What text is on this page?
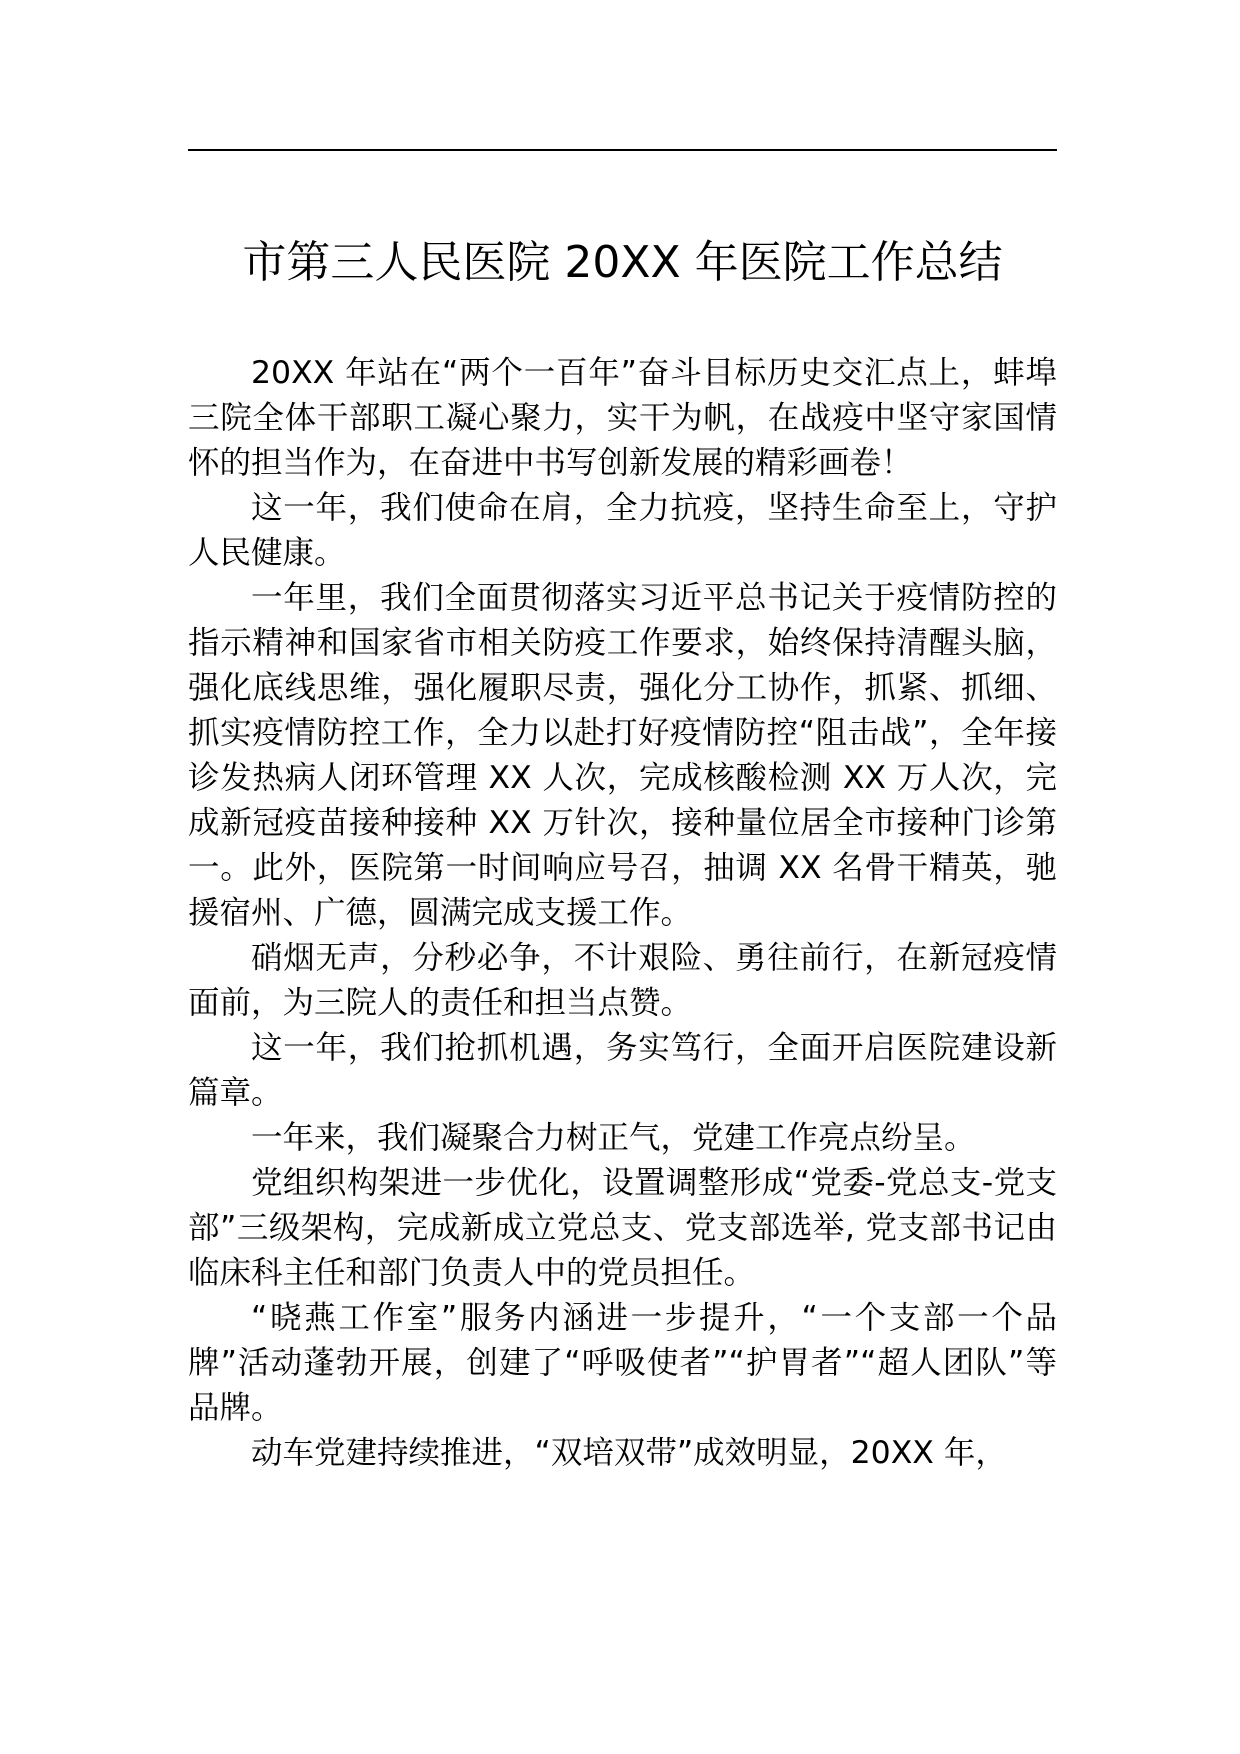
市第三人民医院 20XX 年医院工作总结

20XX 年站在“两个一百年”奋斗目标历史交汇点上，蚌埠三院全体干部职工凝心聚力，实干为帆，在战疫中坚守家国情怀的担当作为，在奋进中书写创新发展的精彩画卷！

这一年，我们使命在肩，全力抗疫，坚持生命至上，守护人民健康。

一年里，我们全面贯彻落实习近平总书记关于疫情防控的指示精神和国家省市相关防疫工作要求，始终保持清醒头脑，强化底线思维，强化履职尽责，强化分工协作，抓紧、抓细、抓实疫情防控工作，全力以赴打好疫情防控“阻击战”，全年接诊发热病人闭环管理 XX 人次，完成核酸检测 XX 万人次，完成新冠疫苗接种接种 XX 万针次，接种量位居全市接种门诊第一。此外，医院第一时间响应号召，抽调 XX 名骨干精英，驰援宿州、广德，圆满完成支援工作。

硝烟无声，分秒必争，不计艰险、勇往前行，在新冠疫情面前，为三院人的责任和担当点赞。

这一年，我们抢抓机遇，务实笃行，全面开启医院建设新篇章。

一年来，我们凝聚合力树正气，党建工作亮点纷呈。

党组织构架进一步优化，设置调整形成“党委-党总支-党支部”三级架构，完成新成立党总支、党支部选举, 党支部书记由临床科主任和部门负责人中的党员担任。

“晓燕工作室”服务内涵进一步提升，“一个支部一个品牌”活动蓬勃开展，创建了“呼吸使者”“护胃者”“超人团队”等品牌。

动车党建持续推进，“双培双带”成效明显，20XX 年，
